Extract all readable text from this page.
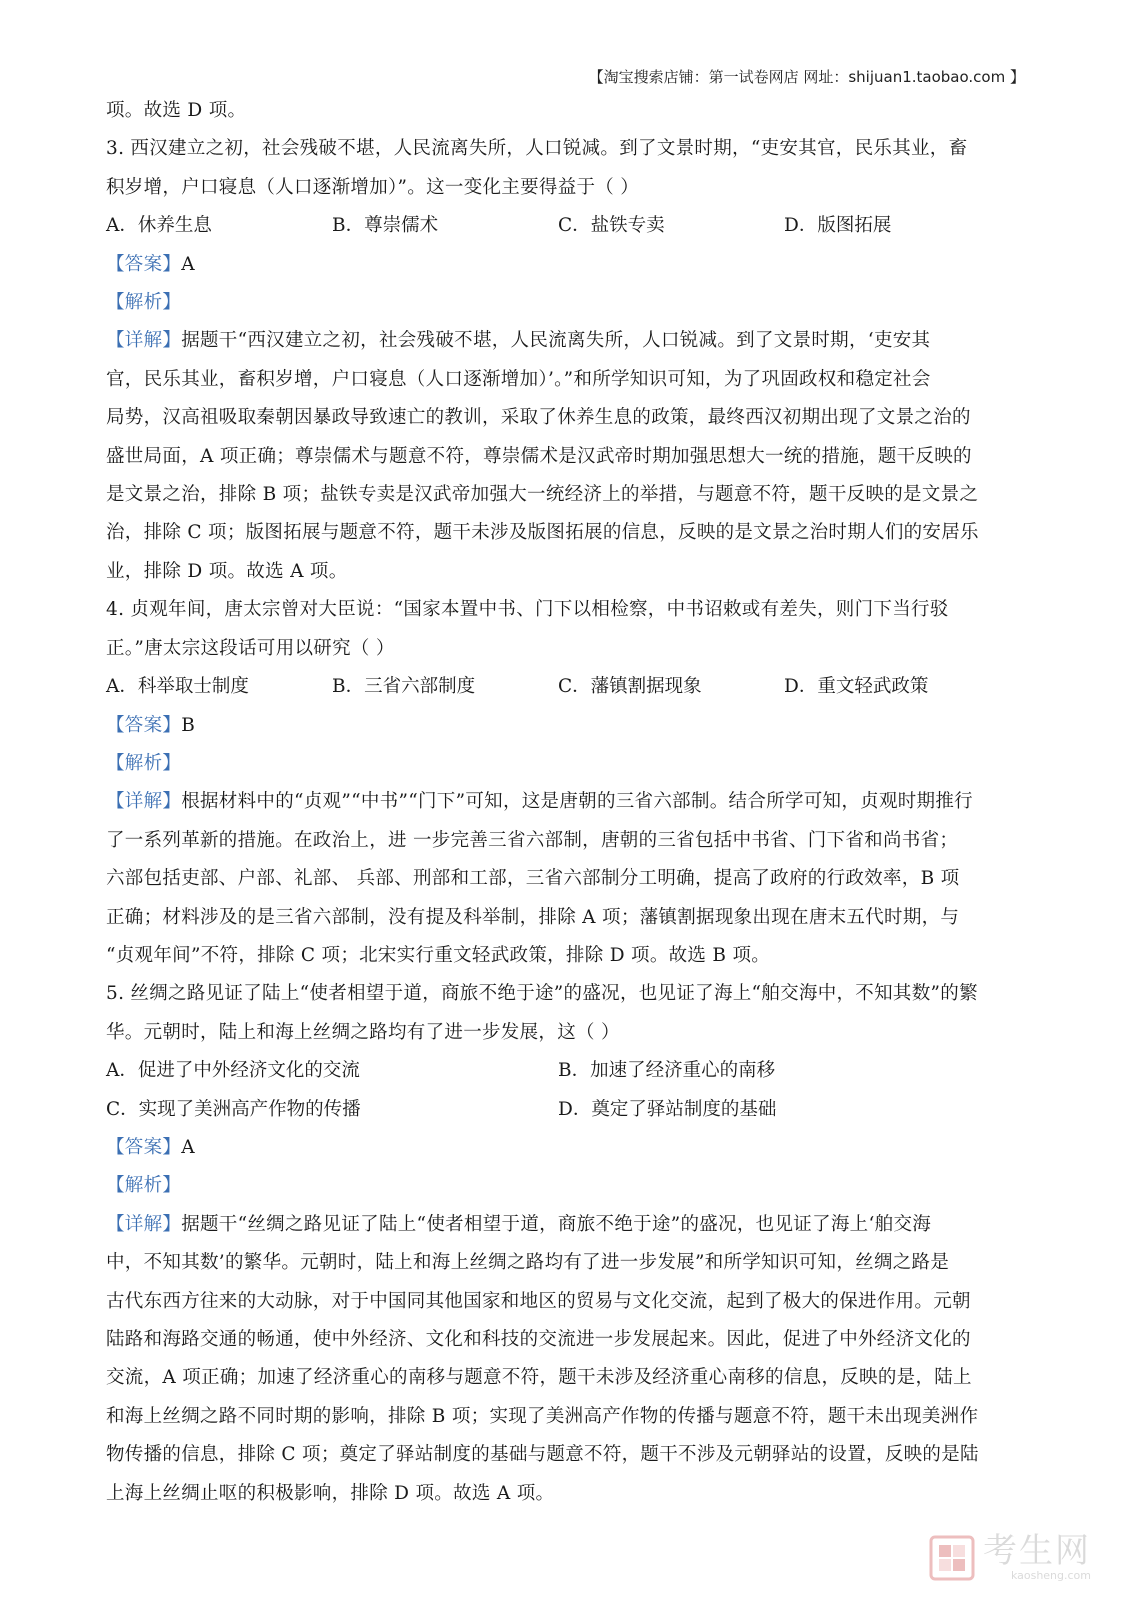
【淘宝搜索店铺：第一试卷网店 网址：shijuan1.taobao.com 】

项。故选 D 项。

3. 西汉建立之初，社会残破不堪，人民流离失所，人口锐减。到了文景时期，“吏安其官，民乐其业，畜

积岁增，户口寝息（人口逐渐增加）”。这一变化主要得益于（ ）

A．休养生息	B．尊崇儒术	C．盐铁专卖	D．版图拓展

【答案】A

【解析】

【详解】据题干“西汉建立之初，社会残破不堪，人民流离失所，人口锐减。到了文景时期，‘吏安其

官，民乐其业，畜积岁增，户口寝息（人口逐渐增加）’。”和所学知识可知，为了巩固政权和稳定社会

局势，汉高祖吸取秦朝因暴政导致速亡的教训，采取了休养生息的政策，最终西汉初期出现了文景之治的

盛世局面，A 项正确；尊崇儒术与题意不符，尊崇儒术是汉武帝时期加强思想大一统的措施，题干反映的

是文景之治，排除 B 项；盐铁专卖是汉武帝加强大一统经济上的举措，与题意不符，题干反映的是文景之

治，排除 C 项；版图拓展与题意不符，题干未涉及版图拓展的信息，反映的是文景之治时期人们的安居乐

业，排除 D 项。故选 A 项。

4. 贞观年间，唐太宗曾对大臣说：“国家本置中书、门下以相检察，中书诏敕或有差失，则门下当行驳

正。”唐太宗这段话可用以研究（ ）

A．科举取士制度	B．三省六部制度	C．藩镇割据现象	D．重文轻武政策

【答案】B

【解析】

【详解】根据材料中的“贞观”“中书”“门下”可知，这是唐朝的三省六部制。结合所学可知，贞观时期推行

了一系列革新的措施。在政治上，进 一步完善三省六部制，唐朝的三省包括中书省、门下省和尚书省；

六部包括吏部、户部、礼部、 兵部、刑部和工部，三省六部制分工明确，提高了政府的行政效率，B 项

正确；材料涉及的是三省六部制，没有提及科举制，排除 A 项；藩镇割据现象出现在唐末五代时期，与

“贞观年间”不符，排除 C 项；北宋实行重文轻武政策，排除 D 项。故选 B 项。

5. 丝绸之路见证了陆上“使者相望于道，商旅不绝于途”的盛况，也见证了海上“舶交海中，不知其数”的繁

华。元朝时，陆上和海上丝绸之路均有了进一步发展，这（ ）

A．促进了中外经济文化的交流	B．加速了经济重心的南移
C．实现了美洲高产作物的传播	D．奠定了驿站制度的基础

【答案】A

【解析】

【详解】据题干“丝绸之路见证了陆上“使者相望于道，商旅不绝于途”的盛况，也见证了海上‘舶交海

中，不知其数’的繁华。元朝时，陆上和海上丝绸之路均有了进一步发展”和所学知识可知，丝绸之路是

古代东西方往来的大动脉，对于中国同其他国家和地区的贸易与文化交流，起到了极大的保进作用。元朝

陆路和海路交通的畅通，使中外经济、文化和科技的交流进一步发展起来。因此，促进了中外经济文化的

交流，A 项正确；加速了经济重心的南移与题意不符，题干未涉及经济重心南移的信息，反映的是，陆上

和海上丝绸之路不同时期的影响，排除 B 项；实现了美洲高产作物的传播与题意不符，题干未出现美洲作

物传播的信息，排除 C 项；奠定了驿站制度的基础与题意不符，题干不涉及元朝驿站的设置，反映的是陆

上海上丝绸止呕的积极影响，排除 D 项。故选 A 项。

考生网
kaosheng.com
